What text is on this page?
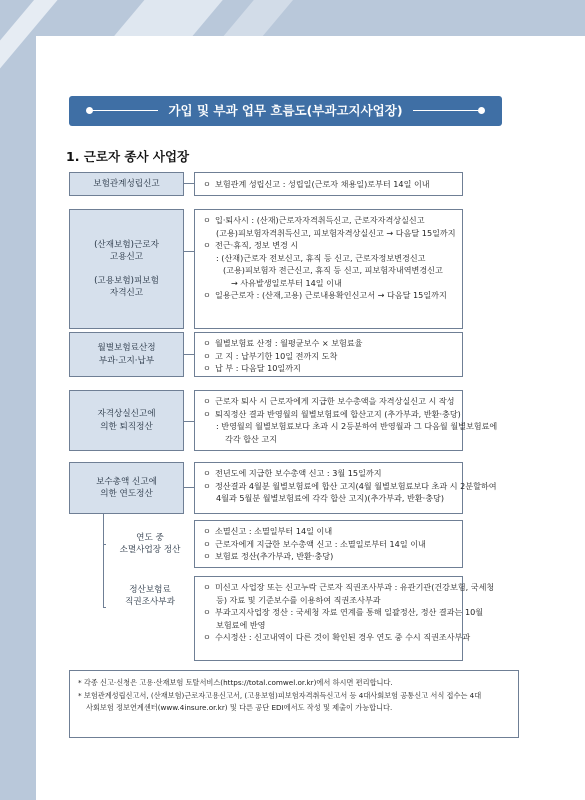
가입 및 부과 업무 흐름도(부과고지사업장)
1. 근로자 종사 사업장
보험관계성립신고	ㅇ 보험관계 성립신고 : 성립일(근로자 채용일)로부터 14일 이내
(산재보험)근로자
고용신고
(고용보험)피보험
자격신고
ㅇ 입·퇴사시 : (산재)근로자자격취득신고, 근로자자격상실신고
(고용)피보험자격취득신고, 피보험자격상실신고 → 다음달 15일까지
ㅇ 전근·휴직, 정보 변경 시
: (산재)근로자 전보신고, 휴직 등 신고, 근로자정보변경신고
(고용)피보험자 전근신고, 휴직 등 신고, 피보험자내역변경신고
→ 사유발생일로부터 14일 이내
ㅇ 일용근로자 : (산재,고용) 근로내용확인신고서 → 다음달 15일까지
월별보험료산정
부과·고지·납부
ㅇ 월별보험료 산정 : 월평균보수 × 보험료율
ㅇ 고 지 : 납부기한 10일 전까지 도착
ㅇ 납 부 : 다음달 10일까지
자격상실신고에
의한 퇴직정산
ㅇ 근로자 퇴사 시 근로자에게 지급한 보수총액을 자격상실신고 시 작성
ㅇ 퇴직정산 결과 반영월의 월별보험료에 합산고지 (추가부과, 반환·충당)
: 반영월의 월별보험료보다 초과 시 2등분하여 반영월과 그 다음월 월별보험료에
각각 합산 고지
보수총액 신고에
의한 연도정산
ㅇ 전년도에 지급한 보수총액 신고 : 3월 15일까지
ㅇ 정산결과 4월분 월별보험료에 합산 고지(4월 월별보험료보다 초과 시 2분할하여
4월과 5월분 월별보험료에 각각 합산 고지)(추가부과, 반환·충당)
연도 중
소멸사업장 정산
ㅇ 소멸신고 : 소멸일부터 14일 이내
ㅇ 근로자에게 지급한 보수총액 신고 : 소멸일로부터 14일 이내
ㅇ 보험료 정산(추가부과, 반환·충당)
정산보험료
직권조사부과
ㅇ 미신고 사업장 또는 신고누락 근로자 직권조사부과 : 유관기관(건강보험, 국세청
등) 자료 및 기준보수를 이용하여 직권조사부과
ㅇ 부과고지사업장 정산 : 국세청 자료 연계를 통해 일괄정산, 정산 결과는 10월
보험료에 반영
ㅇ 수시정산 : 신고내역이 다른 것이 확인된 경우 연도 중 수시 직권조사부과
* 각종 신고·신청은 고용·산재보험 토탈서비스(https://total.comwel.or.kr)에서 하시면 편리합니다.
* 보험관계성립신고서, (산재보험)근로자고용신고서, (고용보험)피보험자격취득신고서 등 4대사회보험 공통신고 서식 접수는 4대
사회보험 정보연계센터(www.4insure.or.kr) 및 다른 공단 EDI에서도 작성 및 제출이 가능합니다.
